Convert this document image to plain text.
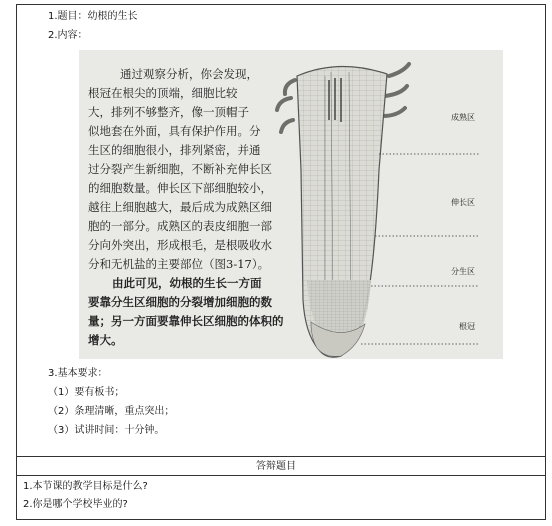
1.题目：幼根的生长
2.内容：
通过观察分析，你会发现，
根冠在根尖的顶端，细胞比较
大，排列不够整齐，像一顶帽子
似地套在外面，具有保护作用。分
生区的细胞很小，排列紧密，并通
过分裂产生新细胞，不断补充伸长区
的细胞数量。伸长区下部细胞较小，
越往上细胞越大，最后成为成熟区细
胞的一部分。成熟区的表皮细胞一部
分向外突出，形成根毛，是根吸收水
分和无机盐的主要部位（图3-17）。
由此可见，幼根的生长一方面
要靠分生区细胞的分裂增加细胞的数
量；另一方面要靠伸长区细胞的体积的
增大。
成熟区
伸长区
分生区
根冠
3.基本要求：
（1）要有板书；
（2）条理清晰，重点突出；
（3）试讲时间：十分钟。
答辩题目
1.本节课的教学目标是什么?
2.你是哪个学校毕业的?
